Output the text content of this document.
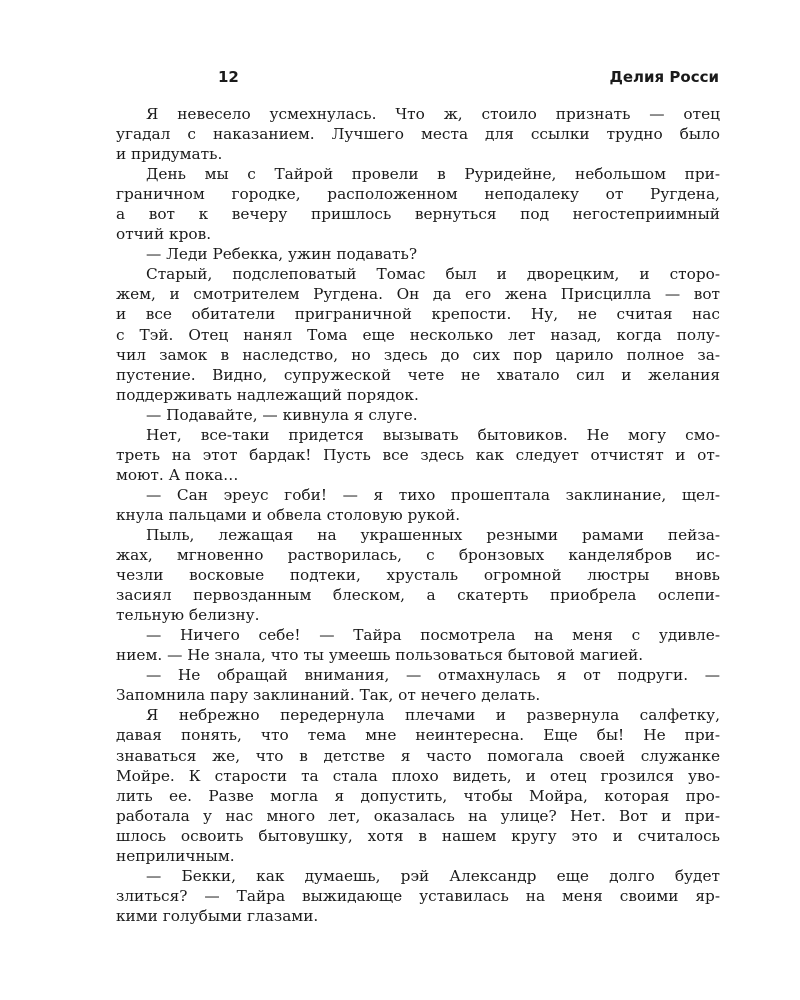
12	Делия Росси
Я невесело усмехнулась. Что ж, стоило признать — отец
угадал с наказанием. Лучшего места для ссылки трудно было
и придумать.
День мы с Тайрой провели в Руридейне, небольшом при-
граничном городке, расположенном неподалеку от Ругдена,
а вот к вечеру пришлось вернуться под негостеприимный
отчий кров.
— Леди Ребекка, ужин подавать?
Старый, подслеповатый Томас был и дворецким, и сторо-
жем, и смотрителем Ругдена. Он да его жена Присцилла — вот
и все обитатели приграничной крепости. Ну, не считая нас
с Тэй. Отец нанял Тома еще несколько лет назад, когда полу-
чил замок в наследство, но здесь до сих пор царило полное за-
пустение. Видно, супружеской чете не хватало сил и желания
поддерживать надлежащий порядок.
— Подавайте, — кивнула я слуге.
Нет, все-таки придется вызывать бытовиков. Не могу смо-
треть на этот бардак! Пусть все здесь как следует отчистят и от-
моют. А пока…
— Сан эреус гоби! — я тихо прошептала заклинание, щел-
кнула пальцами и обвела столовую рукой.
Пыль, лежащая на украшенных резными рамами пейза-
жах, мгновенно растворилась, с бронзовых канделябров ис-
чезли восковые подтеки, хрусталь огромной люстры вновь
засиял первозданным блеском, а скатерть приобрела ослепи-
тельную белизну.
— Ничего себе! — Тайра посмотрела на меня с удивле-
нием. — Не знала, что ты умеешь пользоваться бытовой магией.
— Не обращай внимания, — отмахнулась я от подруги. —
Запомнила пару заклинаний. Так, от нечего делать.
Я небрежно передернула плечами и развернула салфетку,
давая понять, что тема мне неинтересна. Еще бы! Не при-
знаваться же, что в детстве я часто помогала своей служанке
Мойре. К старости та стала плохо видеть, и отец грозился уво-
лить ее. Разве могла я допустить, чтобы Мойра, которая про-
работала у нас много лет, оказалась на улице? Нет. Вот и при-
шлось освоить бытовушку, хотя в нашем кругу это и считалось
неприличным.
— Бекки, как думаешь, рэй Александр еще долго будет
злиться? — Тайра выжидающе уставилась на меня своими яр-
кими голубыми глазами.
